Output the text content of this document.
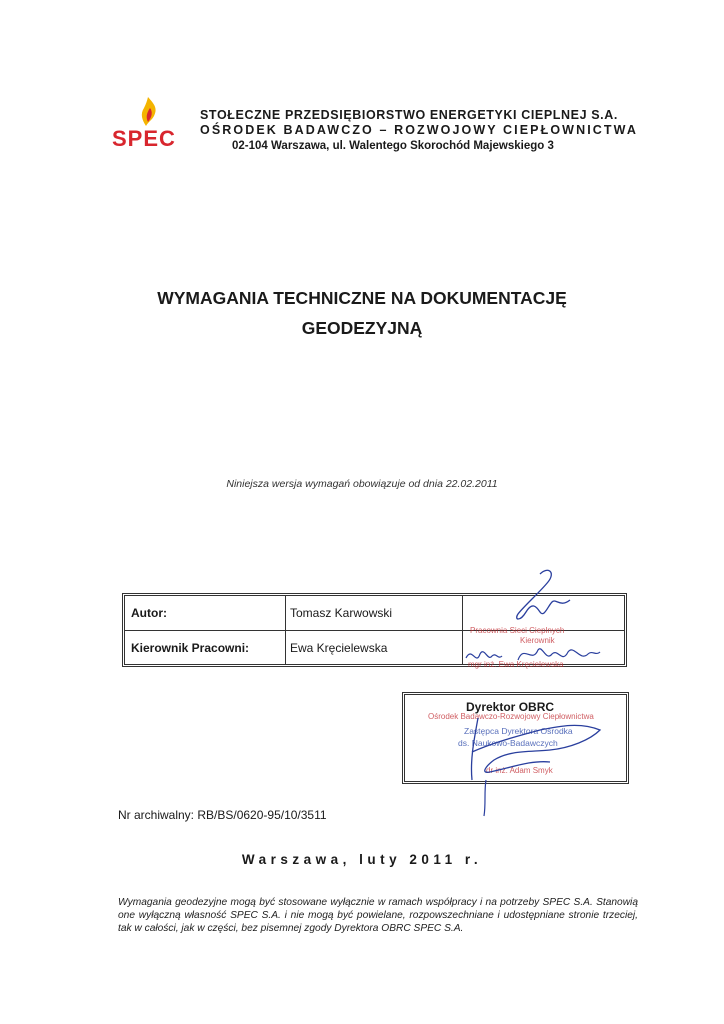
SPEC
STOŁECZNE PRZEDSIĘBIORSTWO ENERGETYKI CIEPLNEJ S.A.
OŚRODEK BADAWCZO – ROZWOJOWY CIEPŁOWNICTWA
02-104 Warszawa, ul. Walentego Skorochód Majewskiego 3
WYMAGANIA TECHNICZNE NA DOKUMENTACJĘ
GEODEZYJNĄ
Niniejsza wersja wymagań obowiązuje od dnia 22.02.2011
Autor:	Tomasz Karwowski
Kierownik Pracowni:	Ewa Kręcielewska
Pracownia Sieci Cieplnych
Kierownik
mgr inż. Ewa Kręcielewska
Dyrektor OBRC
Ośrodek Badawczo-Rozwojowy Ciepłownictwa
Zastępca Dyrektora Ośrodka
ds. Naukowo-Badawczych
dr inż. Adam Smyk
Nr archiwalny: RB/BS/0620-95/10/3511
Warszawa, luty 2011 r.
Wymagania geodezyjne mogą być stosowane wyłącznie w ramach współpracy i na potrzeby SPEC S.A. Stanowią one wyłączną własność SPEC S.A. i nie mogą być powielane, rozpowszechniane i udostępniane stronie trzeciej, tak w całości, jak w części, bez pisemnej zgody Dyrektora OBRC SPEC S.A.
